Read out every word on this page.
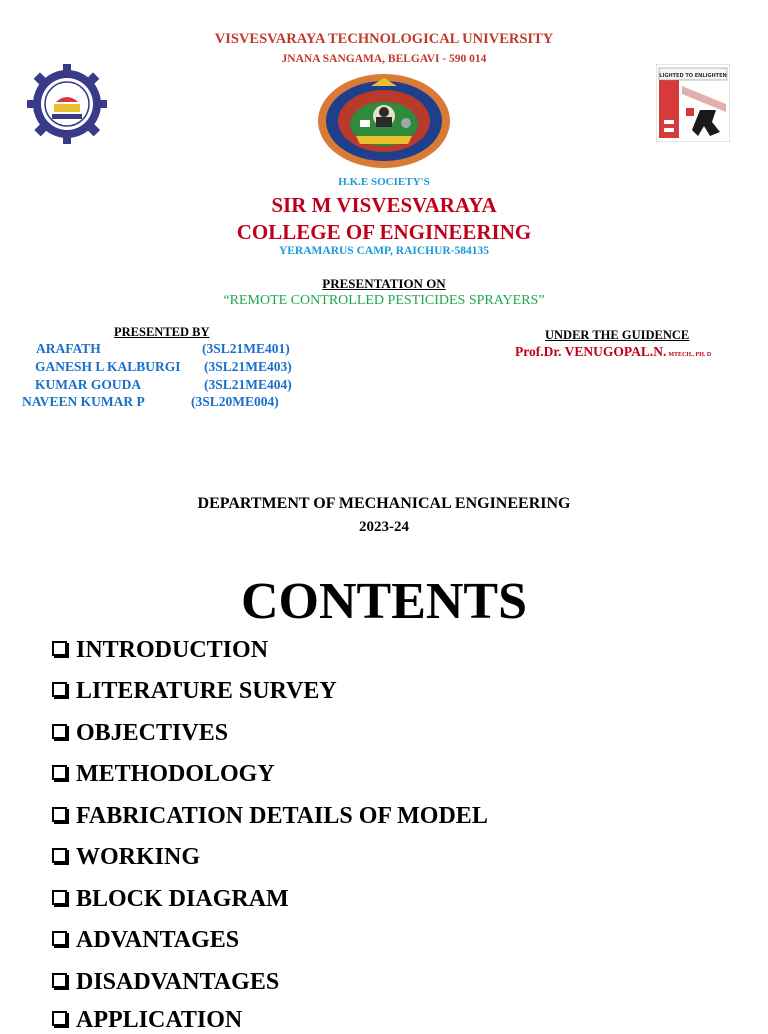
LIGHTED TO ENLIGHTEN
VISVESVARAYA TECHNOLOGICAL UNIVERSITY
JNANA SANGAMA, BELGAVI - 590 014
H.K.E SOCIETY'S
SIR M VISVESVARAYA
COLLEGE OF ENGINEERING
YERAMARUS CAMP, RAICHUR-584135
PRESENTATION ON
“REMOTE CONTROLLED PESTICIDES SPRAYERS”
PRESENTED BY
ARAFATH	(3SL21ME401)
GANESH L KALBURGI (3SL21ME403)
KUMAR GOUDA	(3SL21ME404)
NAVEEN KUMAR P	(3SL20ME004)
UNDER THE GUIDENCE
Prof.Dr. VENUGOPAL.N. MTECH., PH. D
DEPARTMENT OF MECHANICAL ENGINEERING
2023-24
CONTENTS
INTRODUCTION
LITERATURE SURVEY
OBJECTIVES
METHODOLOGY
FABRICATION DETAILS OF MODEL
WORKING
BLOCK DIAGRAM
ADVANTAGES
DISADVANTAGES
APPLICATION
